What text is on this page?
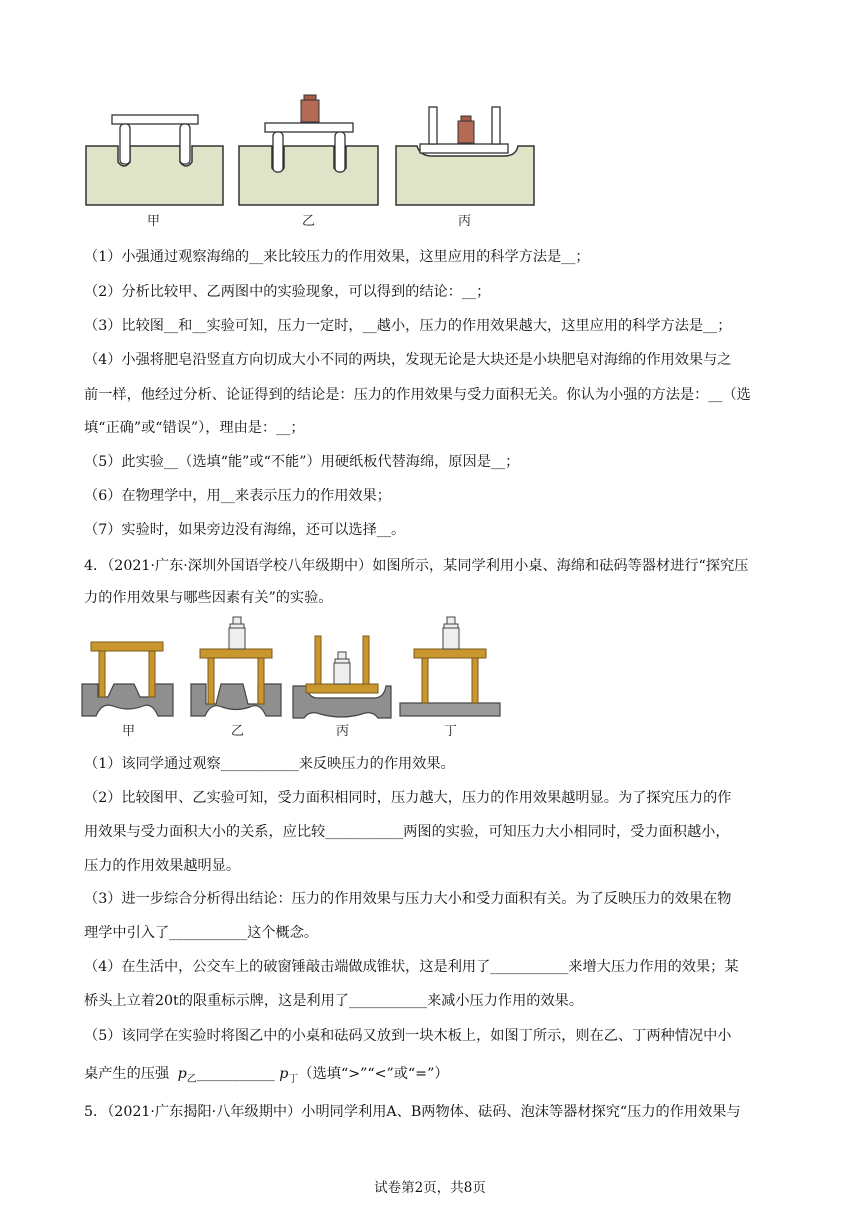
甲	乙	丙
（1）小强通过观察海绵的__来比较压力的作用效果，这里应用的科学方法是__；
（2）分析比较甲、乙两图中的实验现象，可以得到的结论：__；
（3）比较图__和__实验可知，压力一定时，__越小，压力的作用效果越大，这里应用的科学方法是__；
（4）小强将肥皂沿竖直方向切成大小不同的两块，发现无论是大块还是小块肥皂对海绵的作用效果与之
前一样，他经过分析、论证得到的结论是：压力的作用效果与受力面积无关。你认为小强的方法是：__（选
填“正确”或“错误”），理由是：__；
（5）此实验__（选填“能”或“不能”）用硬纸板代替海绵，原因是__；
（6）在物理学中，用__来表示压力的作用效果；
（7）实验时，如果旁边没有海绵，还可以选择__。
4．（2021·广东·深圳外国语学校八年级期中）如图所示，某同学利用小桌、海绵和砝码等器材进行“探究压
力的作用效果与哪些因素有关”的实验。
甲	乙	丙	丁
（1）该同学通过观察___________来反映压力的作用效果。
（2）比较图甲、乙实验可知，受力面积相同时，压力越大，压力的作用效果越明显。为了探究压力的作
用效果与受力面积大小的关系，应比较___________两图的实验，可知压力大小相同时，受力面积越小，
压力的作用效果越明显。
（3）进一步综合分析得出结论：压力的作用效果与压力大小和受力面积有关。为了反映压力的效果在物
理学中引入了___________这个概念。
（4）在生活中，公交车上的破窗锤敲击端做成锥状，这是利用了___________来增大压力作用的效果；某
桥头上立着20t的限重标示牌，这是利用了___________来减小压力作用的效果。
（5）该同学在实验时将图乙中的小桌和砝码又放到一块木板上，如图丁所示，则在乙、丁两种情况中小
桌产生的压强 $p_乙\_\_\_\_\_\_\_\_\_\_\_$ $p_丁$（选填“>”“<”或“=”）
5．（2021·广东揭阳·八年级期中）小明同学利用A、B两物体、砝码、泡沫等器材探究“压力的作用效果与
试卷第2页，共8页
